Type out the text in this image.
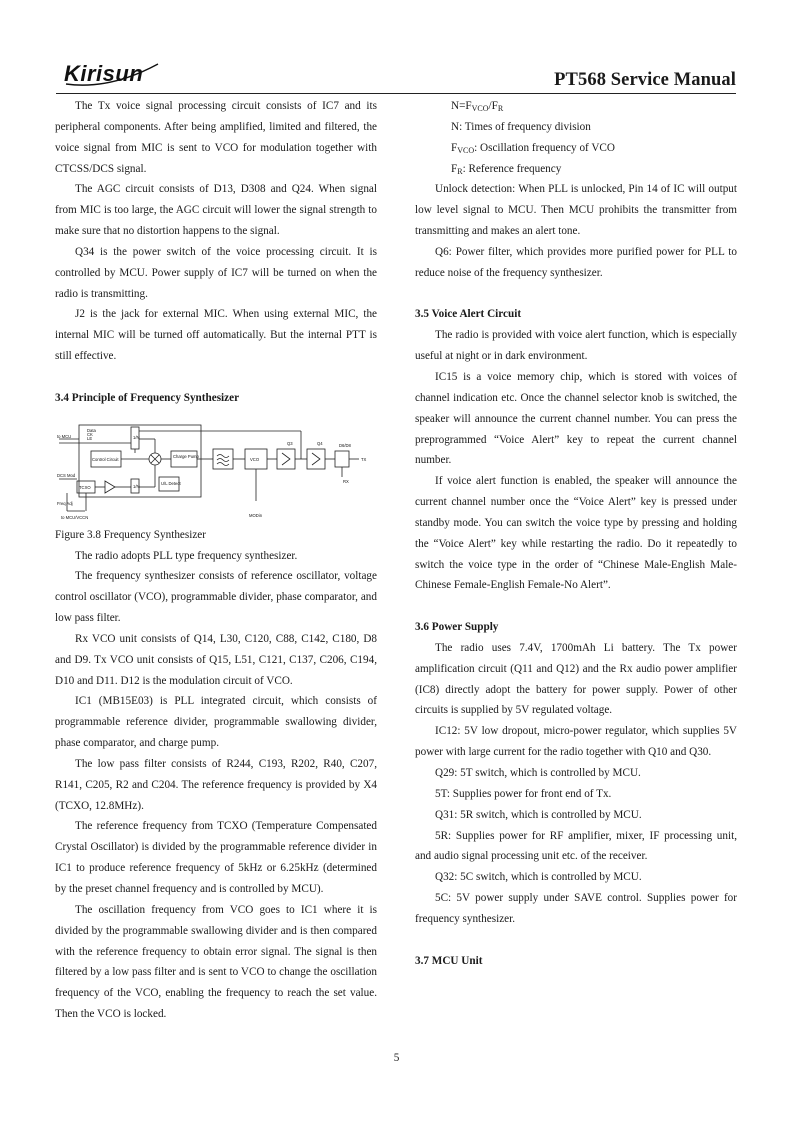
Kirisun	PT568 Service Manual

The Tx voice signal processing circuit consists of IC7 and its peripheral components. After being amplified, limited and filtered, the voice signal from MIC is sent to VCO for modulation together with CTCSS/DCS signal.

The AGC circuit consists of D13, D308 and Q24. When signal from MIC is too large, the AGC circuit will lower the signal strength to make sure that no distortion happens to the signal.

Q34 is the power switch of the voice processing circuit. It is controlled by MCU. Power supply of IC7 will be turned on when the radio is transmitting.

J2 is the jack for external MIC. When using external MIC, the internal MIC will be turned off automatically. But the internal PTT is still effective.

3.4 Principle of Frequency Synthesizer

Data
CK
LE
to MCU
Control Circuit
Charge Pump
VCO
U/L Detect
Q3	Q4	D6/D8
TX
RX
DCS Mod
TCXO
Freq Adj
to MCU/VCCN	MODin
1/N
1/N

Figure 3.8 Frequency Synthesizer

The radio adopts PLL type frequency synthesizer.

The frequency synthesizer consists of reference oscillator, voltage control oscillator (VCO), programmable divider, phase comparator, and low pass filter.

Rx VCO unit consists of Q14, L30, C120, C88, C142, C180, D8 and D9. Tx VCO unit consists of Q15, L51, C121, C137, C206, C194, D10 and D11. D12 is the modulation circuit of VCO.

IC1 (MB15E03) is PLL integrated circuit, which consists of programmable reference divider, programmable swallowing divider, phase comparator, and charge pump.

The low pass filter consists of R244, C193, R202, R40, C207, R141, C205, R2 and C204. The reference frequency is provided by X4 (TCXO, 12.8MHz).

The reference frequency from TCXO (Temperature Compensated Crystal Oscillator) is divided by the programmable reference divider in IC1 to produce reference frequency of 5kHz or 6.25kHz (determined by the preset channel frequency and is controlled by MCU).

The oscillation frequency from VCO goes to IC1 where it is divided by the programmable swallowing divider and is then compared with the reference frequency to obtain error signal. The signal is then filtered by a low pass filter and is sent to VCO to change the oscillation frequency of the VCO, enabling the frequency to reach the set value. Then the VCO is locked.

$N=F_{VCO}/F_R$

N: Times of frequency division

$F_{VCO}$: Oscillation frequency of VCO

$F_R$: Reference frequency

Unlock detection: When PLL is unlocked, Pin 14 of IC will output low level signal to MCU. Then MCU prohibits the transmitter from transmitting and makes an alert tone.

Q6: Power filter, which provides more purified power for PLL to reduce noise of the frequency synthesizer.

3.5 Voice Alert Circuit

The radio is provided with voice alert function, which is especially useful at night or in dark environment.

IC15 is a voice memory chip, which is stored with voices of channel indication etc. Once the channel selector knob is switched, the speaker will announce the current channel number. You can press the preprogrammed “Voice Alert” key to repeat the current channel number.

If voice alert function is enabled, the speaker will announce the current channel number once the “Voice Alert” key is pressed under standby mode. You can switch the voice type by pressing and holding the “Voice Alert” key while restarting the radio. Do it repeatedly to switch the voice type in the order of “Chinese Male-English Male-Chinese Female-English Female-No Alert”.

3.6 Power Supply

The radio uses 7.4V, 1700mAh Li battery. The Tx power amplification circuit (Q11 and Q12) and the Rx audio power amplifier (IC8) directly adopt the battery for power supply. Power of other circuits is supplied by 5V regulated voltage.

IC12: 5V low dropout, micro-power regulator, which supplies 5V power with large current for the radio together with Q10 and Q30.

Q29: 5T switch, which is controlled by MCU.

5T: Supplies power for front end of Tx.

Q31: 5R switch, which is controlled by MCU.

5R: Supplies power for RF amplifier, mixer, IF processing unit, and audio signal processing unit etc. of the receiver.

Q32: 5C switch, which is controlled by MCU.

5C: 5V power supply under SAVE control. Supplies power for frequency synthesizer.

3.7 MCU Unit

5
